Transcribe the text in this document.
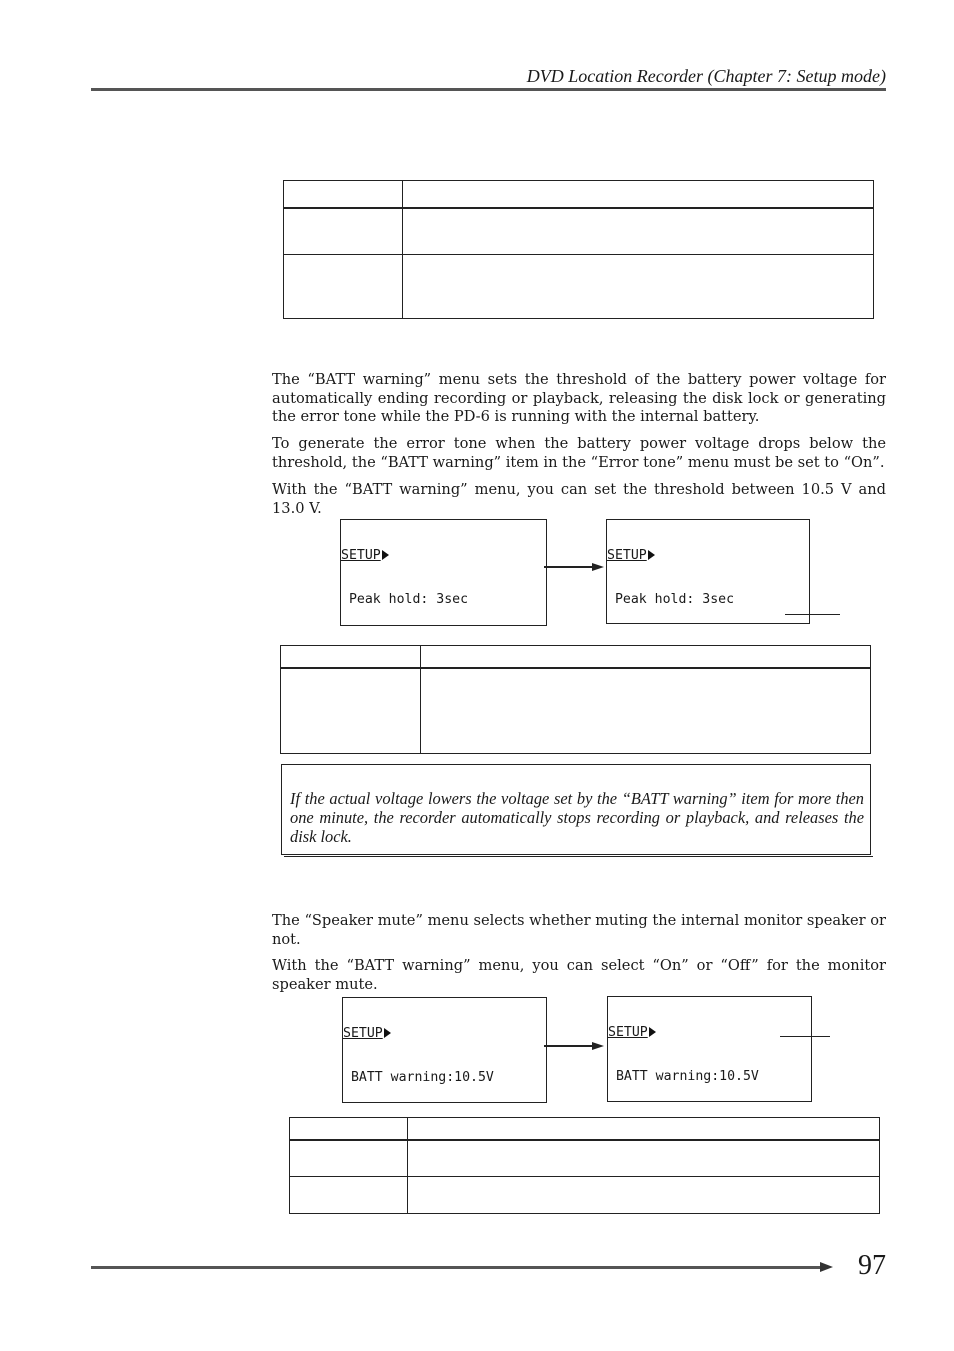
DVD Location Recorder (Chapter 7: Setup mode)
The “BATT warning” menu sets the threshold of the battery power voltage for automatically ending recording or playback, releasing the disk lock or generating the error tone while the PD-6 is running with the internal battery.
To generate the error tone when the battery power voltage drops below the threshold, the “BATT warning” item in the “Error tone” menu must be set to “On”.
With the “BATT warning” menu, you can set the threshold between 10.5 V and 13.0 V.

SETUP

Peak hold: 3sec

SETUP

Peak hold: 3sec

If the actual voltage lowers the voltage set by the “BATT warning” item for more then one minute, the recorder automatically stops recording or playback, and releases the disk lock.
The “Speaker mute” menu selects whether muting the internal monitor speaker or not.
With the “BATT warning” menu, you can select “On” or “Off” for the monitor speaker mute.

SETUP

BATT warning:10.5V

SETUP

BATT warning:10.5V

97
